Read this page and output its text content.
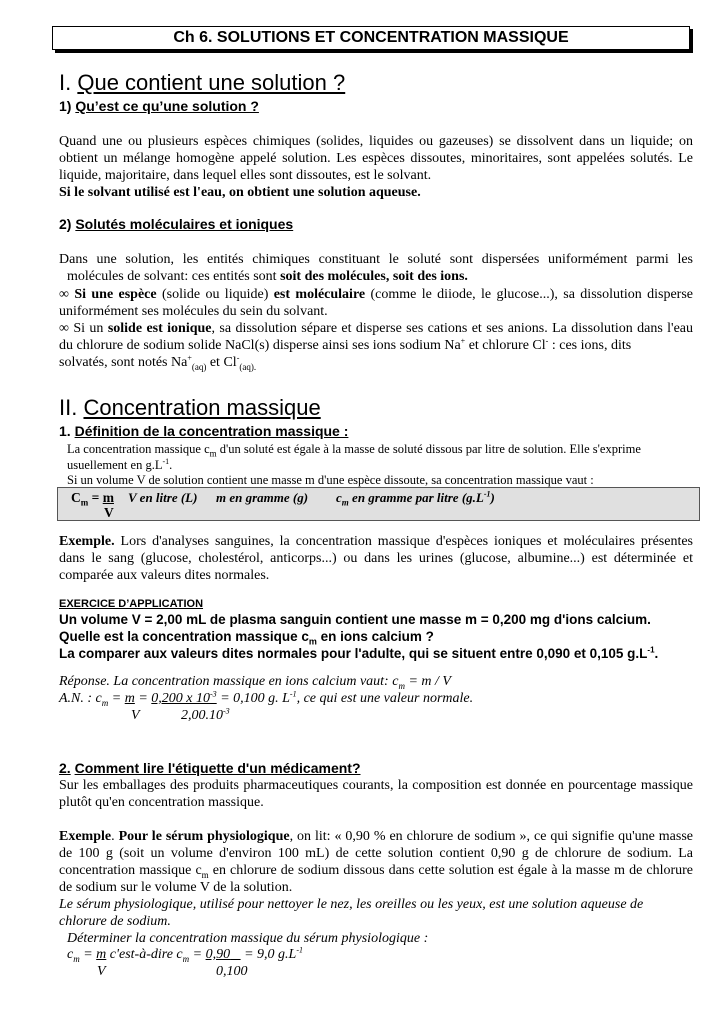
Ch 6. SOLUTIONS ET CONCENTRATION MASSIQUE
I. Que contient une solution ?
1) Qu’est ce qu’une solution ?
Quand une ou plusieurs espèces chimiques (solides, liquides ou gazeuses) se dissolvent dans un liquide; on obtient un mélange homogène appelé solution. Les espèces dissoutes, minoritaires, sont appelées solutés. Le liquide, majoritaire, dans lequel elles sont dissoutes, est le solvant.
Si le solvant utilisé est l'eau, on obtient une solution aqueuse.
2) Solutés moléculaires et ioniques
Dans une solution, les entités chimiques constituant le soluté sont dispersées uniformément parmi les
molécules de solvant: ces entités sont soit des molécules, soit des ions.
∞ Si une espèce (solide ou liquide) est moléculaire (comme le diiode, le glucose...), sa dissolution disperse uniformément ses molécules du sein du solvant.
∞ Si un solide est ionique, sa dissolution sépare et disperse ses cations et ses anions. La dissolution dans l'eau du chlorure de sodium solide NaCl(s) disperse ainsi ses ions sodium Na+ et chlorure Cl- : ces ions, dits
solvatés, sont notés $Na^+_{(aq)}$ et $Cl^-_{(aq).}$
II. Concentration massique
1. Définition de la concentration massique :
La concentration massique $c_m$ d'un soluté est égale à la masse de soluté dissous par litre de solution. Elle s'exprime
usuellement en $g.L^{-1}$.
Si un volume V de solution contient une masse m d'une espèce dissoute, sa concentration massique vaut :
$C_m = m$
V
V en litre (L) m en gramme (g) $c_m$ en gramme par litre $(g.L^{-1})$
Exemple. Lors d'analyses sanguines, la concentration massique d'espèces ioniques et moléculaires présentes dans le sang (glucose, cholestérol, anticorps...) ou dans les urines (glucose, albumine...) est déterminée et comparée aux valeurs dites normales.
EXERCICE D’APPLICATION
Un volume V = 2,00 mL de plasma sanguin contient une masse m = 0,200 mg d'ions calcium.
Quelle est la concentration massique $c_m$ en ions calcium ?
La comparer aux valeurs dites normales pour l'adulte, qui se situent entre 0,090 et 0,105 $g.L^{-1}$.
Réponse. La concentration massique en ions calcium vaut: $c_m = m / V$
A.N. : $c_m = m = 0,200$ x $10^{-3} = 0,100$ g. $L^{-1}$, ce qui est une valeur normale.
V	$2,00.10^{-3}$
2. Comment lire l'étiquette d'un médicament?
Sur les emballages des produits pharmaceutiques courants, la composition est donnée en pourcentage massique plutôt qu'en concentration massique.
Exemple. Pour le sérum physiologique, on lit: « 0,90 % en chlorure de sodium », ce qui signifie qu'une masse de 100 g (soit un volume d'environ 100 mL) de cette solution contient 0,90 g de chlorure de sodium. La concentration massique $c_m$ en chlorure de sodium dissous dans cette solution est égale à la masse m de chlorure de sodium sur le volume V de la solution.
Le sérum physiologique, utilisé pour nettoyer le nez, les oreilles ou les yeux, est une solution aqueuse de chlorure de sodium.
Déterminer la concentration massique du sérum physiologique :
$c_m = m$ c'est-à-dire $c_m = 0,90$    = 9,0 $g.L^{-1}$
V	0,100
